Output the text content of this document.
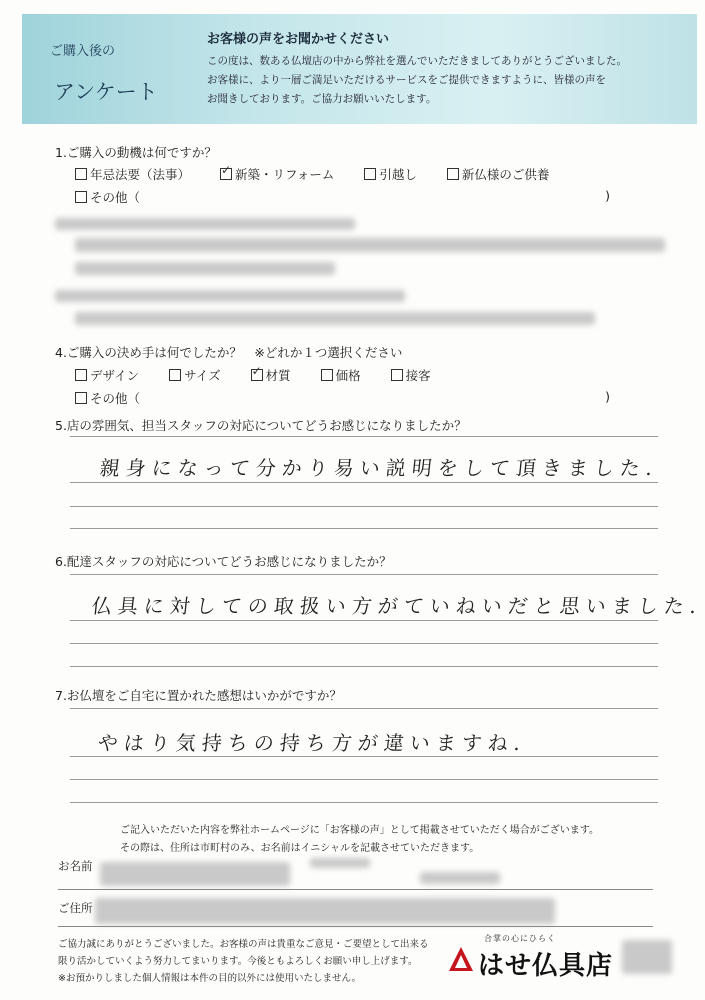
ご購入後の
アンケート
お客様の声をお聞かせください
この度は、数ある仏壇店の中から弊社を選んでいただきましてありがとうございました。
お客様に、より一層ご満足いただけるサービスをご提供できますように、皆様の声を
お聞きしております。ご協力お願いいたします。
1.ご購入の動機は何ですか？
年忌法要（法事） ✓	新築・リフォーム	引越し	新仏様のご供養
その他（	)
4.ご購入の決め手は何でしたか？　※どれか１つ選択ください
デザイン	サイズ ✓	材質	価格	接客
その他（	)
5.店の雰囲気、担当スタッフの対応についてどうお感じになりましたか？
親身になって分かり易い説明をして頂きました.
6.配達スタッフの対応についてどうお感じになりましたか？
仏具に対しての取扱い方がていねいだと思いました.
7.お仏壇をご自宅に置かれた感想はいかがですか？
やはり気持ちの持ち方が違いますね.
ご記入いただいた内容を弊社ホームページに「お客様の声」として掲載させていただく場合がございます。
その際は、住所は市町村のみ、お名前はイニシャルを記載させていただきます。
お名前
ご住所
ご協力誠にありがとうございました。お客様の声は貴重なご意見・ご要望として出来る
限り活かしていくよう努力してまいります。今後ともよろしくお願い申し上げます。
※お預かりしました個人情報は本件の目的以外には使用いたしません。
合掌の心にひらく
はせ仏具店
